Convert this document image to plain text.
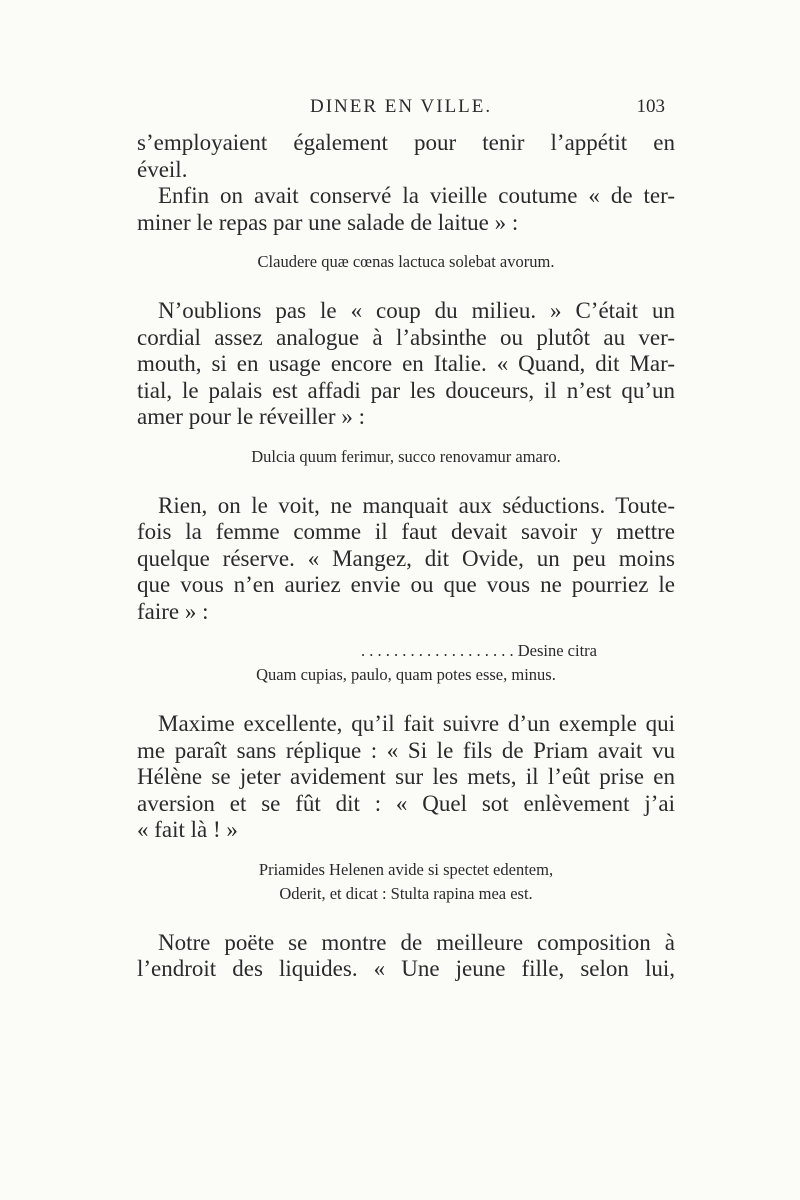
DINER EN VILLE.	103
s’employaient également pour tenir l’appétit en
éveil.
Enfin on avait conservé la vieille coutume « de ter-
miner le repas par une salade de laitue » :
Claudere quæ cœnas lactuca solebat avorum.
N’oublions pas le « coup du milieu. » C’était un
cordial assez analogue à l’absinthe ou plutôt au ver-
mouth, si en usage encore en Italie. « Quand, dit Mar-
tial, le palais est affadi par les douceurs, il n’est qu’un
amer pour le réveiller » :
Dulcia quum ferimur, succo renovamur amaro.
Rien, on le voit, ne manquait aux séductions. Toute-
fois la femme comme il faut devait savoir y mettre
quelque réserve. « Mangez, dit Ovide, un peu moins
que vous n’en auriez envie ou que vous ne pourriez le
faire » :
. . . . . . . . . . . . . . . . . . . Desine citra
Quam cupias, paulo, quam potes esse, minus.
Maxime excellente, qu’il fait suivre d’un exemple qui
me paraît sans réplique : « Si le fils de Priam avait vu
Hélène se jeter avidement sur les mets, il l’eût prise en
aversion et se fût dit : « Quel sot enlèvement j’ai
« fait là ! »
Priamides Helenen avide si spectet edentem,
Oderit, et dicat : Stulta rapina mea est.
Notre poëte se montre de meilleure composition à
l’endroit des liquides. « Une jeune fille, selon lui,
